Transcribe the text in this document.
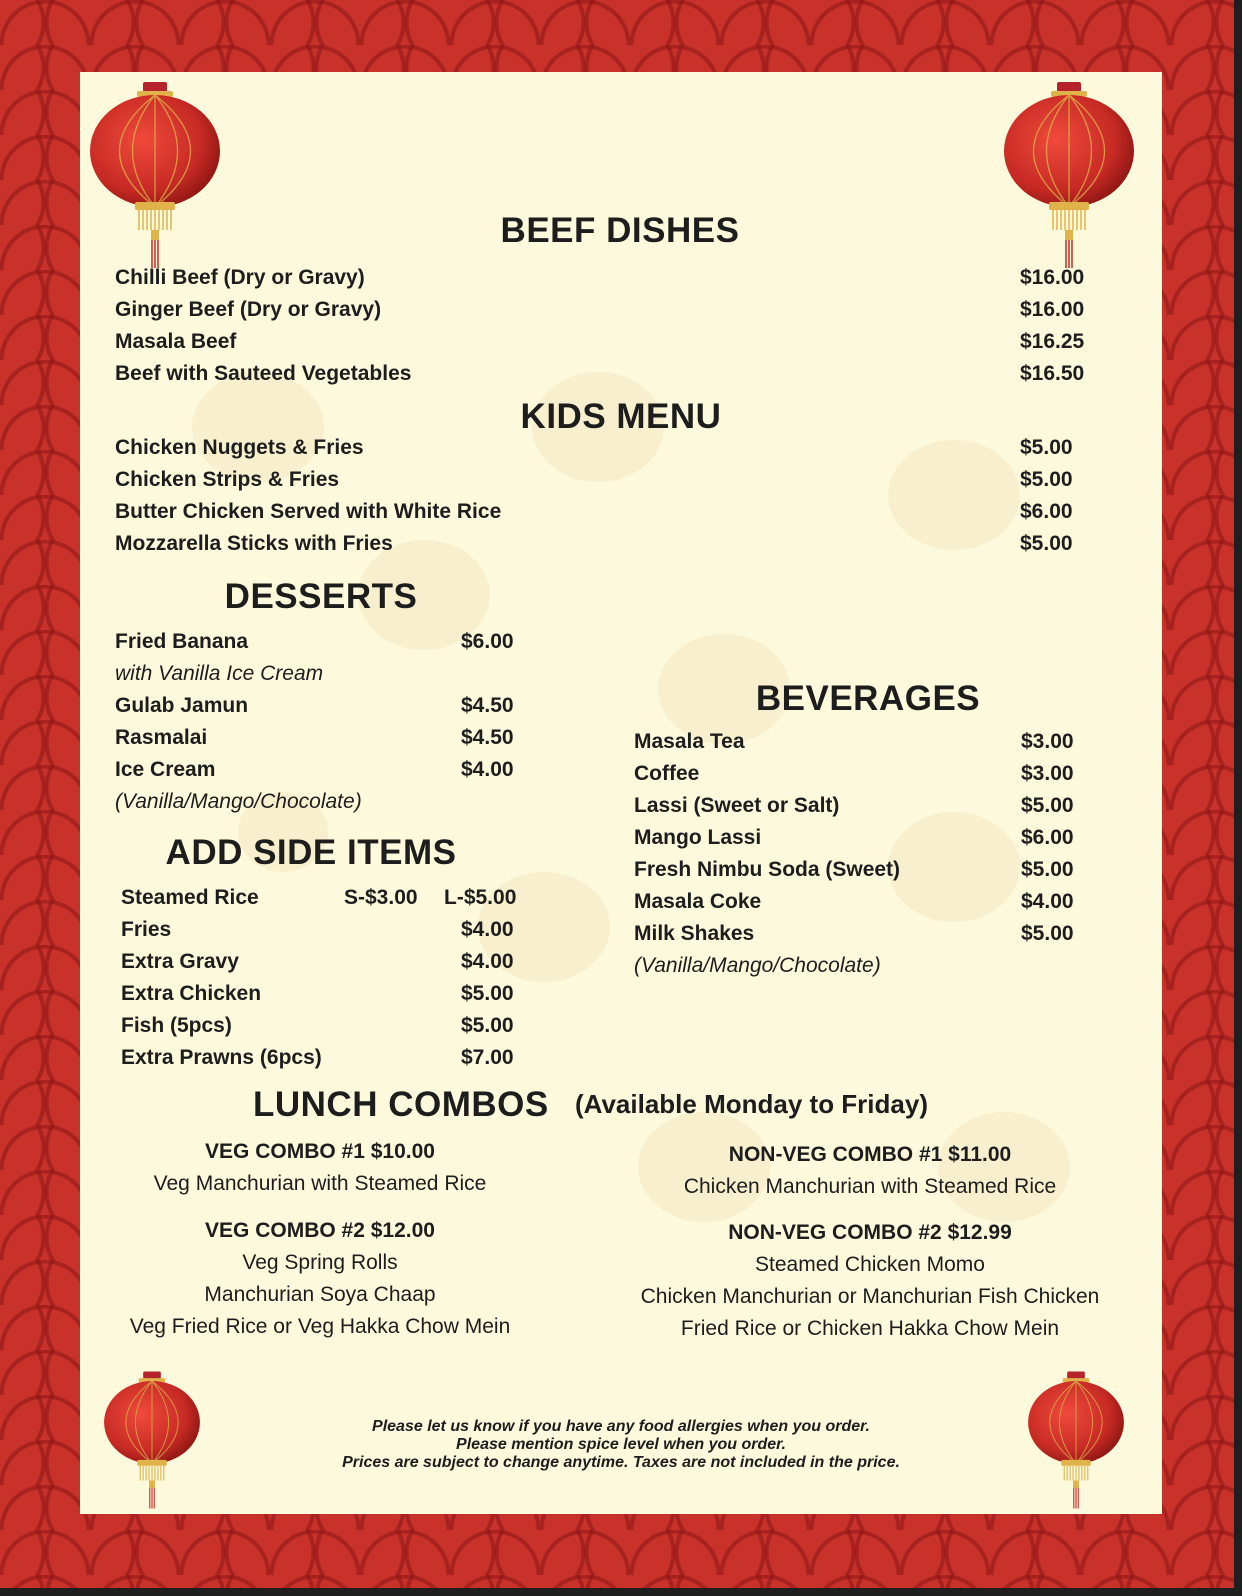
BEEF DISHES
Chilli Beef (Dry or Gravy)	$16.00
Ginger Beef (Dry or Gravy)	$16.00
Masala Beef	$16.25
Beef with Sauteed Vegetables	$16.50
KIDS MENU
Chicken Nuggets & Fries	$5.00
Chicken Strips & Fries	$5.00
Butter Chicken Served with White Rice	$6.00
Mozzarella Sticks with Fries	$5.00
DESSERTS
Fried Banana	$6.00
with Vanilla Ice Cream
Gulab Jamun	$4.50
Rasmalai	$4.50
Ice Cream	$4.00
(Vanilla/Mango/Chocolate)
ADD SIDE ITEMS
Steamed Rice	S-$3.00 L-$5.00
Fries	$4.00
Extra Gravy	$4.00
Extra Chicken	$5.00
Fish (5pcs)	$5.00
Extra Prawns (6pcs)	$7.00
BEVERAGES
Masala Tea	$3.00
Coffee	$3.00
Lassi (Sweet or Salt)	$5.00
Mango Lassi	$6.00
Fresh Nimbu Soda (Sweet)	$5.00
Masala Coke	$4.00
Milk Shakes	$5.00
(Vanilla/Mango/Chocolate)
LUNCH COMBOS (Available Monday to Friday)
VEG COMBO #1 $10.00
Veg Manchurian with Steamed Rice
VEG COMBO #2 $12.00
Veg Spring Rolls
Manchurian Soya Chaap
Veg Fried Rice or Veg Hakka Chow Mein
NON-VEG COMBO #1 $11.00
Chicken Manchurian with Steamed Rice
NON-VEG COMBO #2 $12.99
Steamed Chicken Momo
Chicken Manchurian or Manchurian Fish Chicken
Fried Rice or Chicken Hakka Chow Mein
Please let us know if you have any food allergies when you order.
Please mention spice level when you order.
Prices are subject to change anytime. Taxes are not included in the price.
